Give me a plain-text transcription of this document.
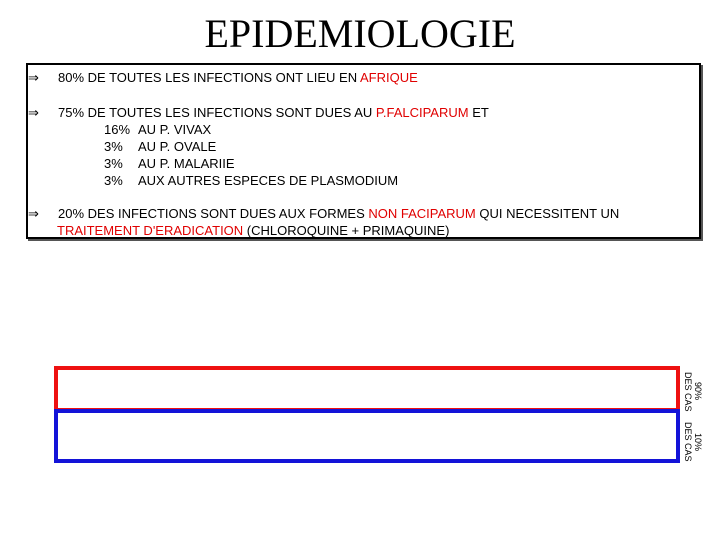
EPIDEMIOLOGIE
⇒ 80% DE TOUTES LES INFECTIONS ONT LIEU EN AFRIQUE
⇒ 75% DE TOUTES LES INFECTIONS SONT DUES AU P.FALCIPARUM ET
16% AU P. VIVAX
3% AU P. OVALE
3% AU P. MALARIIE
3% AUX AUTRES ESPECES DE PLASMODIUM
⇒ 20% DES INFECTIONS SONT DUES AUX FORMES NON FACIPARUM QUI NECESSITENT UN
TRAITEMENT D'ERADICATION (CHLOROQUINE + PRIMAQUINE)
90%
DES CAS
10%
DES CAS
